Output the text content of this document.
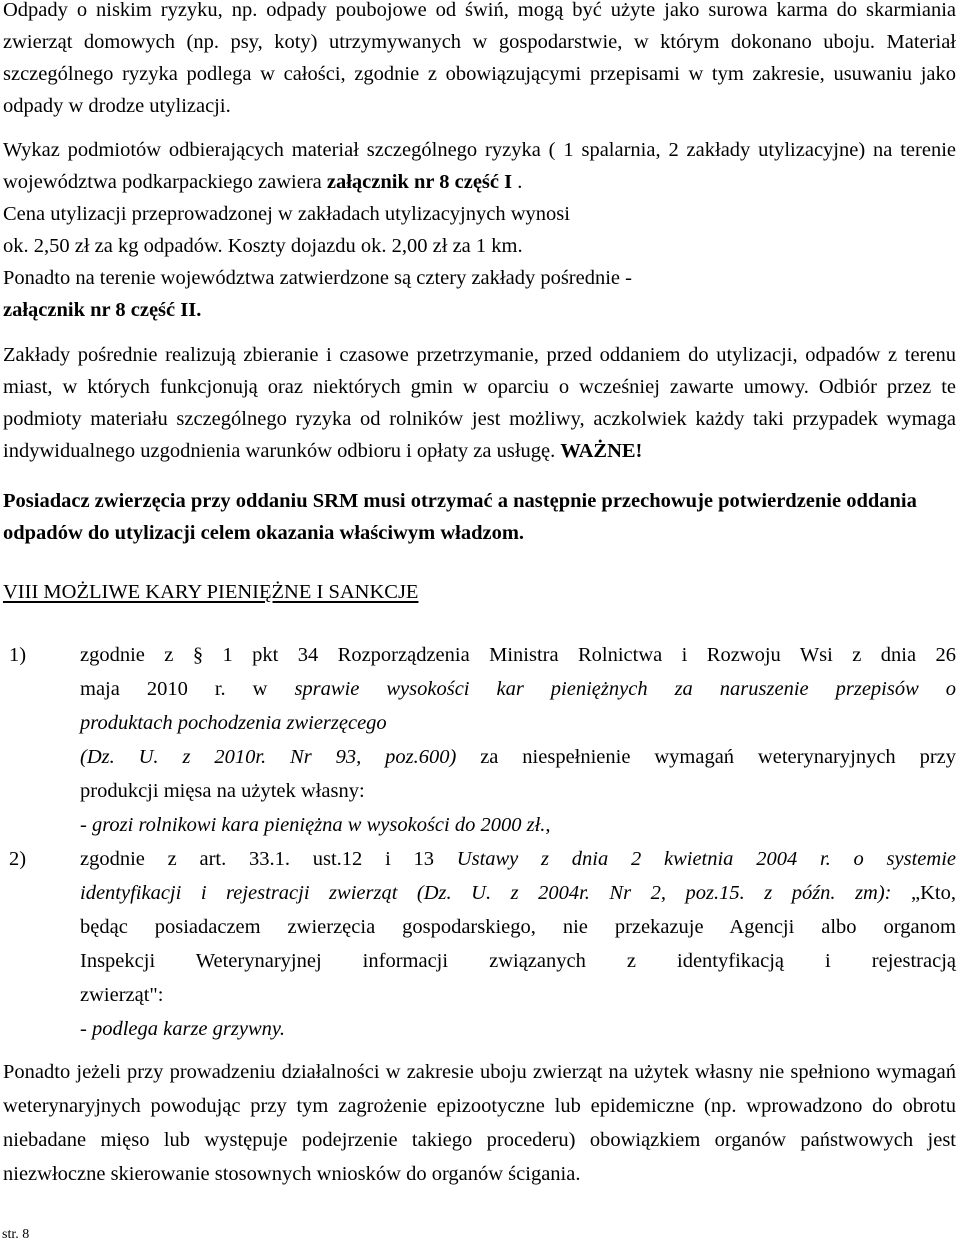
Odpady o niskim ryzyku, np. odpady poubojowe od świń, mogą być użyte jako surowa karma do skarmiania zwierząt domowych (np. psy, koty) utrzymywanych w gospodarstwie, w którym dokonano uboju. Materiał szczególnego ryzyka podlega w całości, zgodnie z obowiązującymi przepisami w tym zakresie, usuwaniu jako odpady w drodze utylizacji.

Wykaz podmiotów odbierających materiał szczególnego ryzyka ( 1 spalarnia, 2 zakłady utylizacyjne) na terenie województwa podkarpackiego zawiera załącznik nr 8 część I .

Cena utylizacji przeprowadzonej w zakładach utylizacyjnych wynosi

ok. 2,50 zł za kg odpadów. Koszty dojazdu ok. 2,00 zł za 1 km.

Ponadto na terenie województwa zatwierdzone są cztery zakłady pośrednie -

załącznik nr 8 część II.

Zakłady pośrednie realizują zbieranie i czasowe przetrzymanie, przed oddaniem do utylizacji, odpadów z terenu miast, w których funkcjonują oraz niektórych gmin w oparciu o wcześniej zawarte umowy. Odbiór przez te podmioty materiału szczególnego ryzyka od rolników jest możliwy, aczkolwiek każdy taki przypadek wymaga indywidualnego uzgodnienia warunków odbioru i opłaty za usługę. WAŻNE!

Posiadacz zwierzęcia przy oddaniu SRM musi otrzymać a następnie przechowuje potwierdzenie oddania odpadów do utylizacji celem okazania właściwym władzom.

VIII MOŻLIWE KARY PIENIĘŻNE I SANKCJE
1)	zgodnie z § 1 pkt 34 Rozporządzenia Ministra Rolnictwa i Rozwoju Wsi z dnia 26
maja 2010 r. w sprawie wysokości kar pieniężnych za naruszenie przepisów o
produktach pochodzenia zwierzęcego
(Dz. U. z 2010r. Nr 93, poz.600) za niespełnienie wymagań weterynaryjnych przy
produkcji mięsa na użytek własny:
- grozi rolnikowi kara pieniężna w wysokości do 2000 zł.,
2)	zgodnie z art. 33.1. ust.12 i 13 Ustawy z dnia 2 kwietnia 2004 r. o systemie
identyfikacji i rejestracji zwierząt (Dz. U. z 2004r. Nr 2, poz.15. z późn. zm): „Kto,
będąc posiadaczem zwierzęcia gospodarskiego, nie przekazuje Agencji albo organom
Inspekcji Weterynaryjnej informacji związanych z identyfikacją i rejestracją
zwierząt":
- podlega karze grzywny.

Ponadto jeżeli przy prowadzeniu działalności w zakresie uboju zwierząt na użytek własny nie spełniono wymagań weterynaryjnych powodując przy tym zagrożenie epizootyczne lub epidemiczne (np. wprowadzono do obrotu niebadane mięso lub występuje podejrzenie takiego procederu) obowiązkiem organów państwowych jest niezwłoczne skierowanie stosownych wniosków do organów ścigania.

str. 8
